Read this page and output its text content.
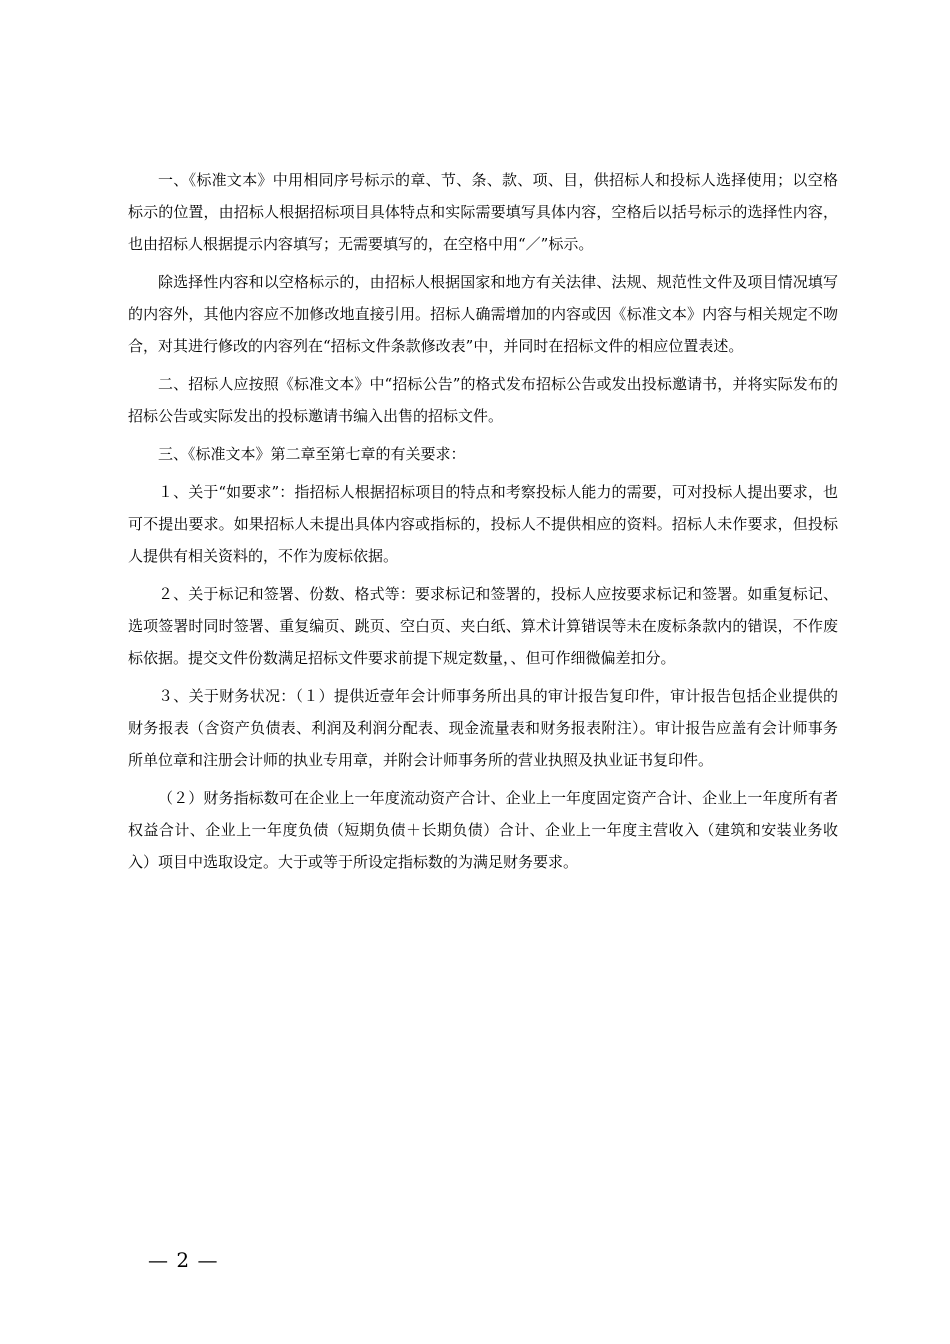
一、《标准文本》中用相同序号标示的章、节、条、款、项、目，供招标人和投标人选择使用；以空格标示的位置，由招标人根据招标项目具体特点和实际需要填写具体内容，空格后以括号标示的选择性内容，也由招标人根据提示内容填写；无需要填写的，在空格中用“／”标示。

除选择性内容和以空格标示的，由招标人根据国家和地方有关法律、法规、规范性文件及项目情况填写的内容外，其他内容应不加修改地直接引用。招标人确需增加的内容或因《标准文本》内容与相关规定不吻合，对其进行修改的内容列在“招标文件条款修改表”中，并同时在招标文件的相应位置表述。

二、招标人应按照《标准文本》中“招标公告”的格式发布招标公告或发出投标邀请书，并将实际发布的招标公告或实际发出的投标邀请书编入出售的招标文件。

三、《标准文本》第二章至第七章的有关要求：

１、关于“如要求”：指招标人根据招标项目的特点和考察投标人能力的需要，可对投标人提出要求，也可不提出要求。如果招标人未提出具体内容或指标的，投标人不提供相应的资料。招标人未作要求，但投标人提供有相关资料的，不作为废标依据。

２、关于标记和签署、份数、格式等：要求标记和签署的，投标人应按要求标记和签署。如重复标记、选项签署时同时签署、重复编页、跳页、空白页、夹白纸、算术计算错误等未在废标条款内的错误，不作废标依据。提交文件份数满足招标文件要求前提下规定数量，、但可作细微偏差扣分。

３、关于财务状况：（１）提供近壹年会计师事务所出具的审计报告复印件，审计报告包括企业提供的财务报表（含资产负债表、利润及利润分配表、现金流量表和财务报表附注）。审计报告应盖有会计师事务所单位章和注册会计师的执业专用章，并附会计师事务所的营业执照及执业证书复印件。

（２）财务指标数可在企业上一年度流动资产合计、企业上一年度固定资产合计、企业上一年度所有者权益合计、企业上一年度负债（短期负债＋长期负债）合计、企业上一年度主营收入（建筑和安装业务收入）项目中选取设定。大于或等于所设定指标数的为满足财务要求。

— 2 —
